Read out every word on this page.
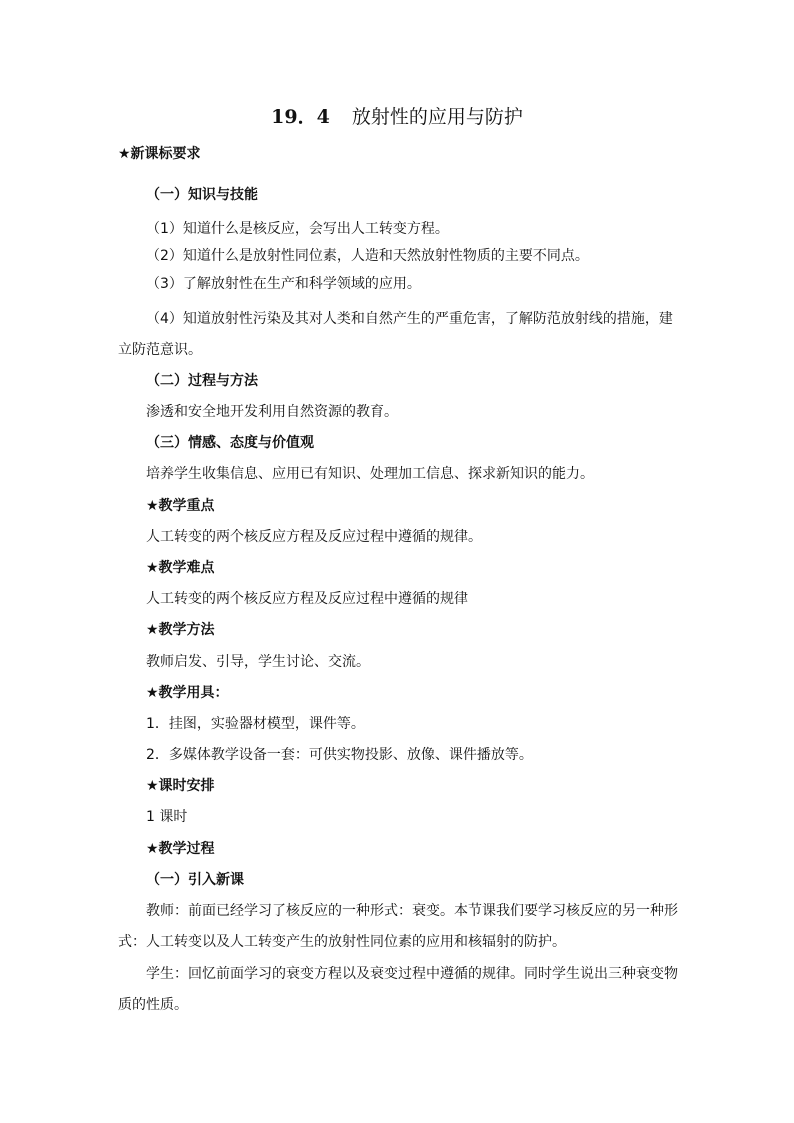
19．4 放射性的应用与防护
★新课标要求
（一）知识与技能
（1）知道什么是核反应，会写出人工转变方程。
（2）知道什么是放射性同位素，人造和天然放射性物质的主要不同点。
（3）了解放射性在生产和科学领域的应用。
（4）知道放射性污染及其对人类和自然产生的严重危害，了解防范放射线的措施，建
立防范意识。
（二）过程与方法
渗透和安全地开发利用自然资源的教育。
（三）情感、态度与价值观
培养学生收集信息、应用已有知识、处理加工信息、探求新知识的能力。
★教学重点
人工转变的两个核反应方程及反应过程中遵循的规律。
★教学难点
人工转变的两个核反应方程及反应过程中遵循的规律
★教学方法
教师启发、引导，学生讨论、交流。
★教学用具：
1．挂图，实验器材模型，课件等。
2．多媒体教学设备一套：可供实物投影、放像、课件播放等。
★课时安排
1 课时
★教学过程
（一）引入新课
教师：前面已经学习了核反应的一种形式：衰变。本节课我们要学习核反应的另一种形
式：人工转变以及人工转变产生的放射性同位素的应用和核辐射的防护。
学生：回忆前面学习的衰变方程以及衰变过程中遵循的规律。同时学生说出三种衰变物
质的性质。
